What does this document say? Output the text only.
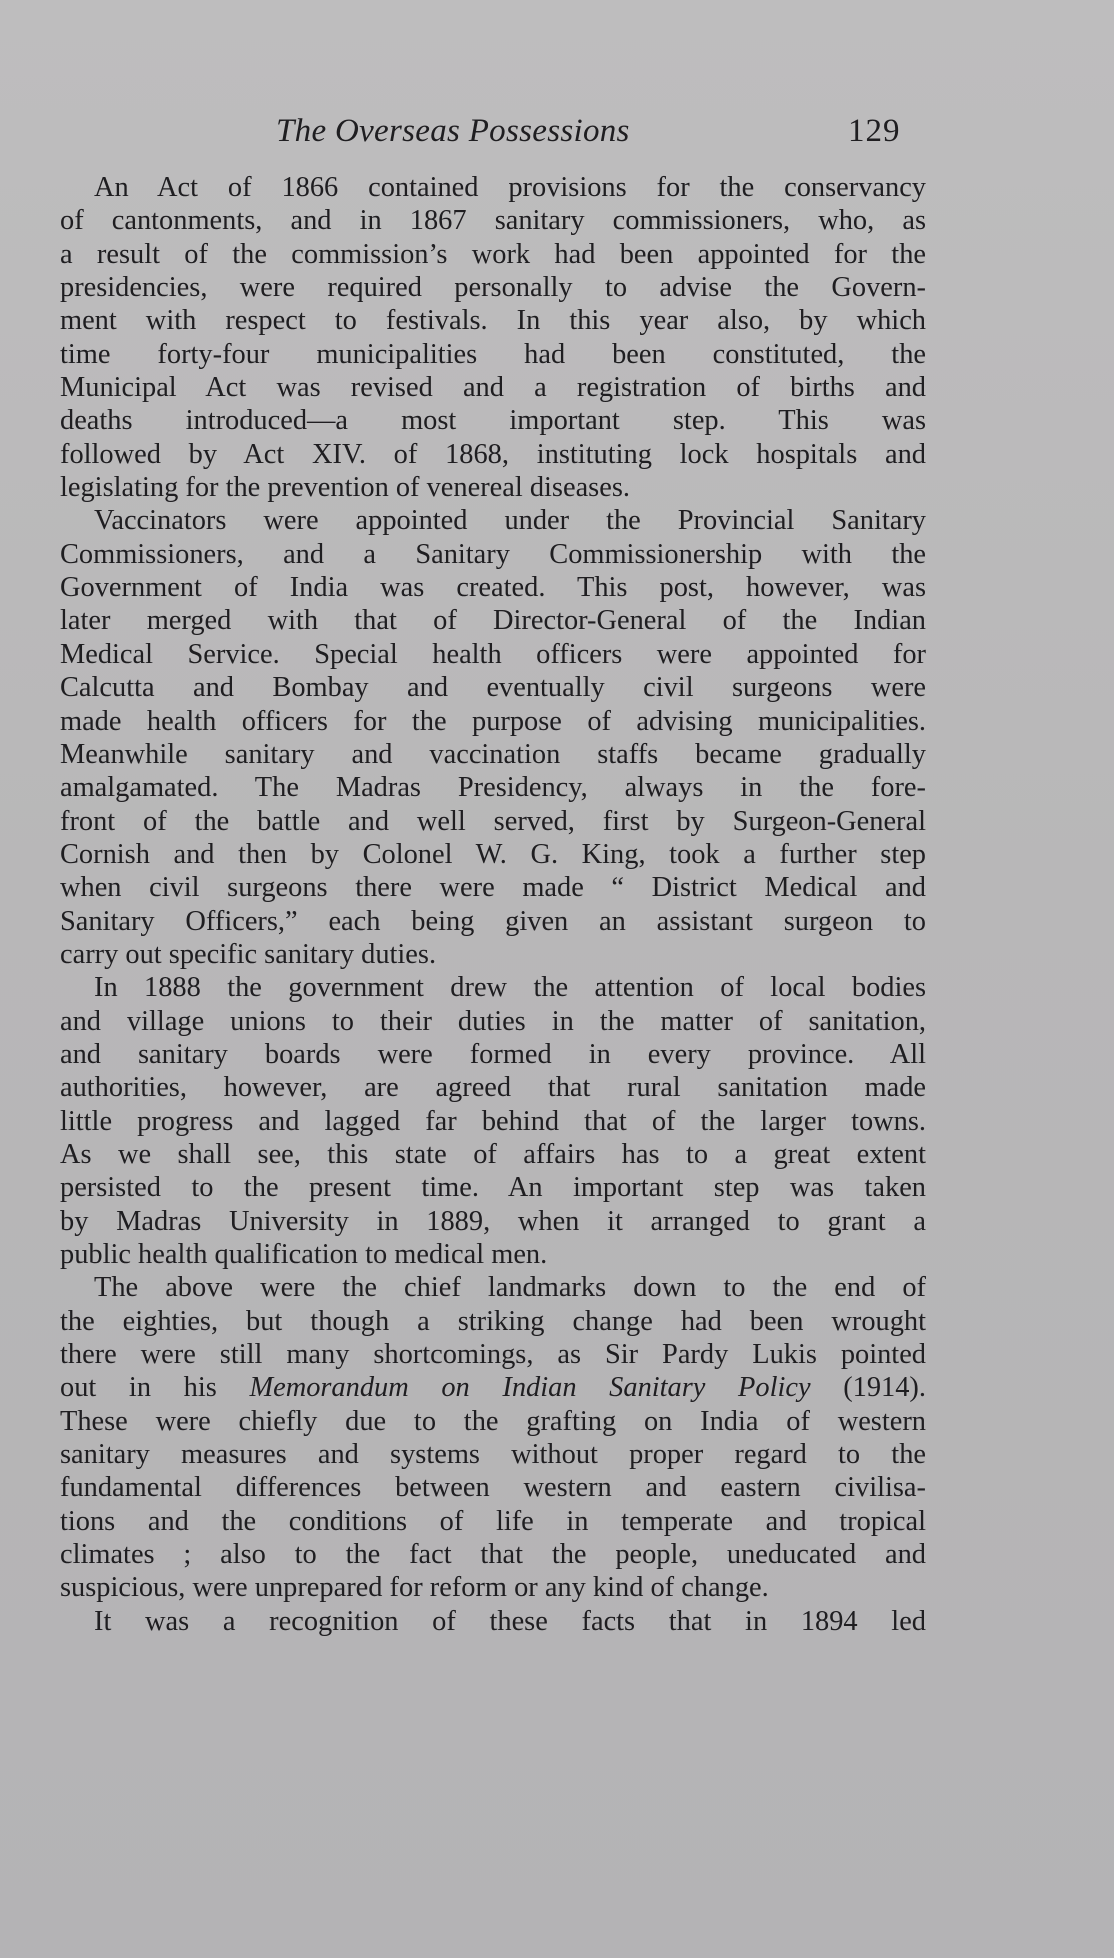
The Overseas Possessions	129
An Act of 1866 contained provisions for the conservancy
of cantonments, and in 1867 sanitary commissioners, who, as
a result of the commission’s work had been appointed for the
presidencies, were required personally to advise the Govern-
ment with respect to festivals. In this year also, by which
time forty-four municipalities had been constituted, the
Municipal Act was revised and a registration of births and
deaths introduced—a most important step. This was
followed by Act XIV. of 1868, instituting lock hospitals and
legislating for the prevention of venereal diseases.
Vaccinators were appointed under the Provincial Sanitary
Commissioners, and a Sanitary Commissionership with the
Government of India was created. This post, however, was
later merged with that of Director-General of the Indian
Medical Service. Special health officers were appointed for
Calcutta and Bombay and eventually civil surgeons were
made health officers for the purpose of advising municipalities.
Meanwhile sanitary and vaccination staffs became gradually
amalgamated. The Madras Presidency, always in the fore-
front of the battle and well served, first by Surgeon-General
Cornish and then by Colonel W. G. King, took a further step
when civil surgeons there were made “ District Medical and
Sanitary Officers,” each being given an assistant surgeon to
carry out specific sanitary duties.
In 1888 the government drew the attention of local bodies
and village unions to their duties in the matter of sanitation,
and sanitary boards were formed in every province. All
authorities, however, are agreed that rural sanitation made
little progress and lagged far behind that of the larger towns.
As we shall see, this state of affairs has to a great extent
persisted to the present time. An important step was taken
by Madras University in 1889, when it arranged to grant a
public health qualification to medical men.
The above were the chief landmarks down to the end of
the eighties, but though a striking change had been wrought
there were still many shortcomings, as Sir Pardy Lukis pointed
out in his Memorandum on Indian Sanitary Policy (1914).
These were chiefly due to the grafting on India of western
sanitary measures and systems without proper regard to the
fundamental differences between western and eastern civilisa-
tions and the conditions of life in temperate and tropical
climates ; also to the fact that the people, uneducated and
suspicious, were unprepared for reform or any kind of change.
It was a recognition of these facts that in 1894 led
